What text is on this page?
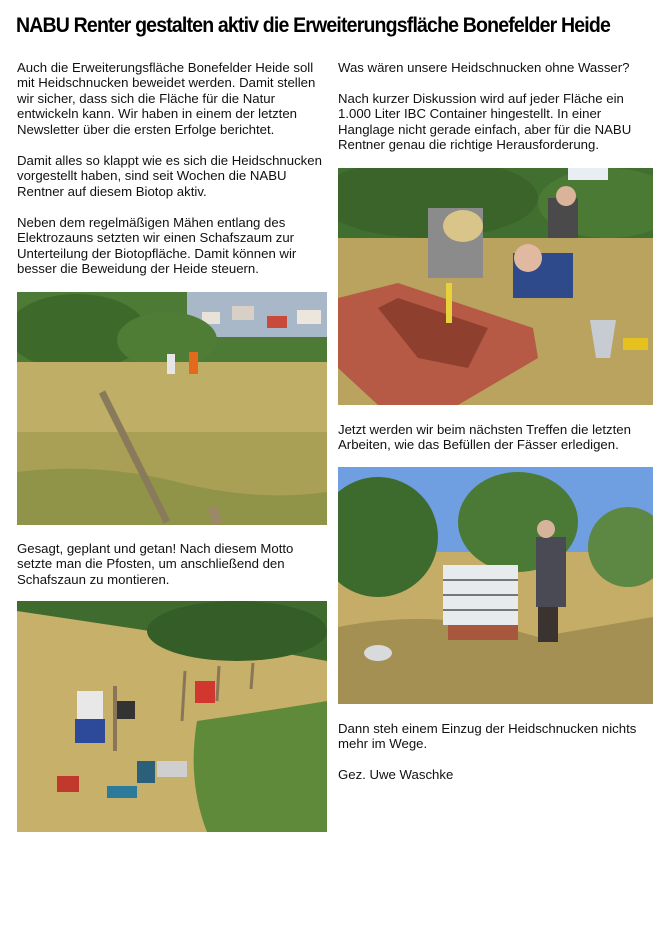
NABU Renter gestalten aktiv die Erweiterungsfläche Bonefelder Heide

Auch die Erweiterungsfläche Bonefelder Heide soll mit Heidschnucken beweidet werden. Damit stellen wir sicher, dass sich die Fläche für die Natur entwickeln kann. Wir haben in einem der letzten Newsletter über die ersten Erfolge berichtet.

Damit alles so klappt wie es sich die Heidschnucken vorgestellt haben, sind seit Wochen die NABU Rentner auf diesem Biotop aktiv.

Neben dem regelmäßigen Mähen entlang des Elektrozauns setzten wir einen Schafszaum zur Unterteilung der Biotopfläche. Damit können wir besser die Beweidung der Heide steuern.

Gesagt, geplant und getan! Nach diesem Motto setzte man die Pfosten, um anschließend den Schafszaun zu montieren.

Was wären unsere Heidschnucken ohne Wasser?

Nach kurzer Diskussion wird auf jeder Fläche ein 1.000 Liter IBC Container hingestellt. In einer Hanglage nicht gerade einfach, aber für die NABU Rentner genau die richtige Herausforderung.

Jetzt werden wir beim nächsten Treffen die letzten Arbeiten, wie das Befüllen der Fässer erledigen.

Dann steh einem Einzug der Heidschnucken nichts mehr im Wege.

Gez. Uwe Waschke
